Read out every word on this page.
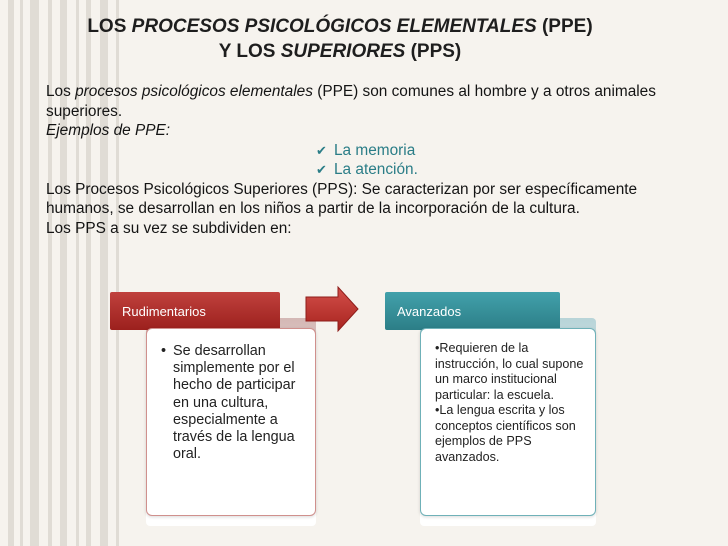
LOS PROCESOS PSICOLÓGICOS ELEMENTALES (PPE)
Y LOS SUPERIORES (PPS)

Los procesos psicológicos elementales (PPE) son comunes al hombre y a otros animales superiores.

Ejemplos de PPE:

✔ La memoria
✔ La atención.

Los Procesos Psicológicos Superiores (PPS): Se caracterizan por ser específicamente humanos, se desarrollan en los niños a partir de la incorporación de la cultura.

Los PPS a su vez se subdividen en:

Rudimentarios	Avanzados
• Se desarrollan simplemente por el hecho de participar en una cultura, especialmente a través de la lengua oral.
•Requieren de la instrucción, lo cual supone un marco institucional particular: la escuela.
•La lengua escrita y los conceptos científicos son ejemplos de PPS avanzados.
